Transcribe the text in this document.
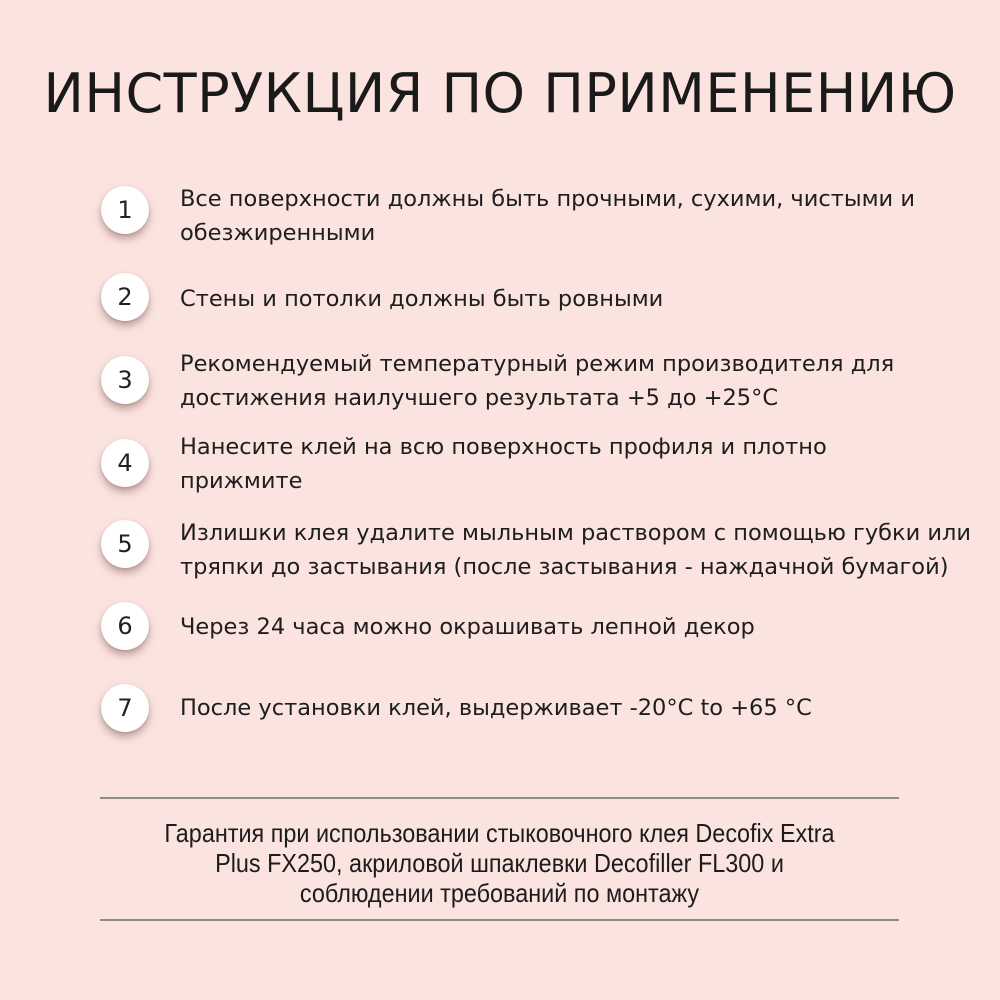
ИНСТРУКЦИЯ ПО ПРИМЕНЕНИЮ
1	Все поверхности должны быть прочными, сухими, чистыми и
обезжиренными
2	Стены и потолки должны быть ровными
3
Рекомендуемый температурный режим производителя для
достижения наилучшего результата +5 до +25°С
4
Нанесите клей на всю поверхность профиля и плотно
прижмите
5	Излишки клея удалите мыльным раствором с помощью губки или
тряпки до застывания (после застывания - наждачной бумагой)
6	Через 24 часа можно окрашивать лепной декор
7	После установки клей, выдерживает -20°C to +65 °C
Гарантия при использовании стыковочного клея Decofix Extra
Plus FX250, акриловой шпаклевки Decofiller FL300 и
соблюдении требований по монтажу
